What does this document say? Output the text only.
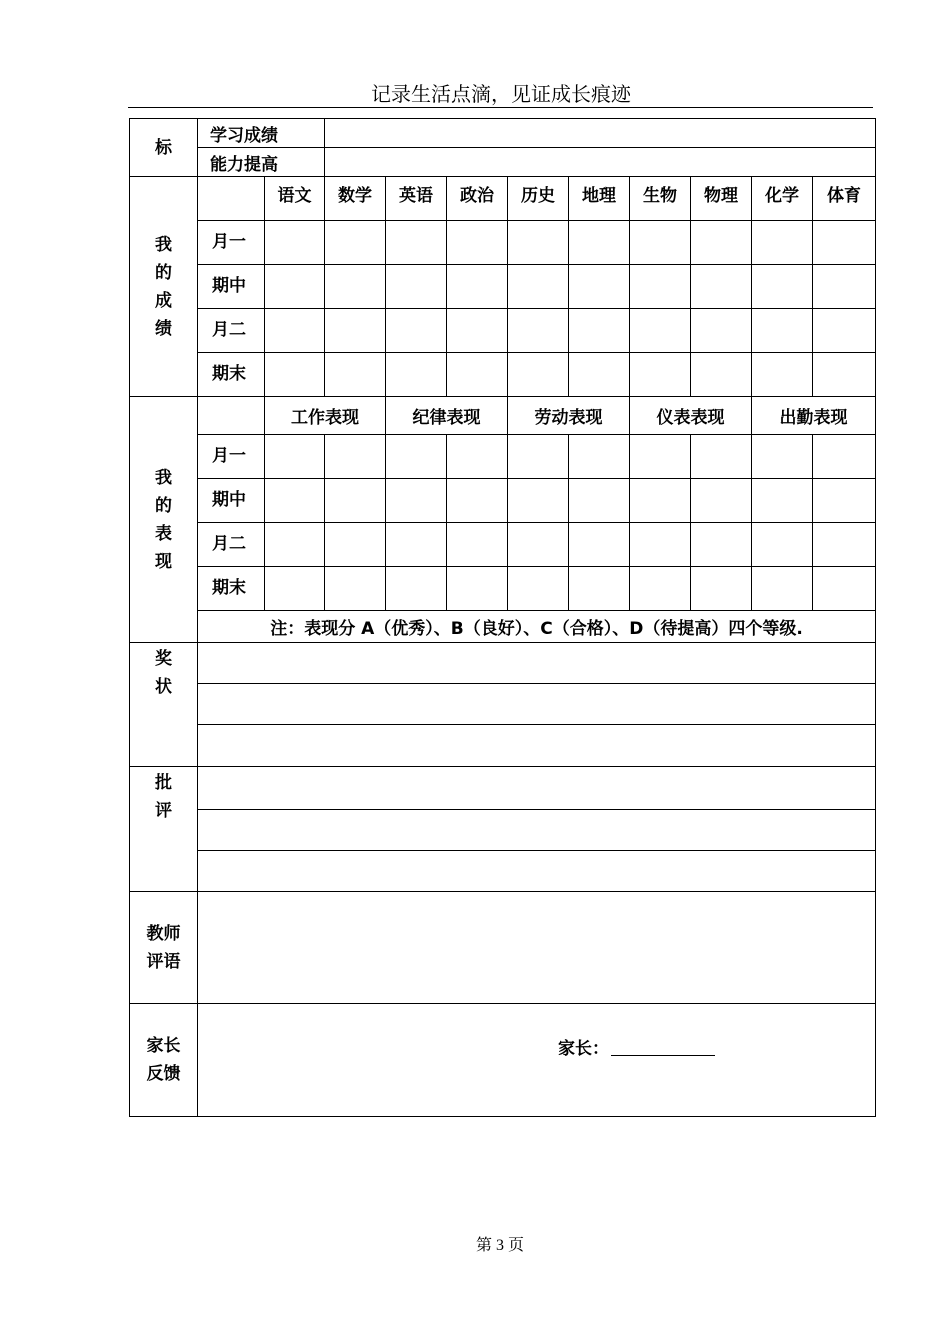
记录生活点滴，见证成长痕迹
标	学习成绩										
	能力提高										
我
的
成
绩		语文	数学	英语	政治	历史	地理	生物	物理	化学	体育
	月一										
	期中										
	月二										
	期末										
我
的
表
现		工作表现		纪律表现		劳动表现		仪表表现		出勤表现	
	月一										
	期中										
	月二										
	期末										
	注：表现分 A（优秀）、B（良好）、C（合格）、D（待提高）四个等级.										
奖
状											

批
评											

教师
评语											
家长
反馈	家长：										
第 3 页
